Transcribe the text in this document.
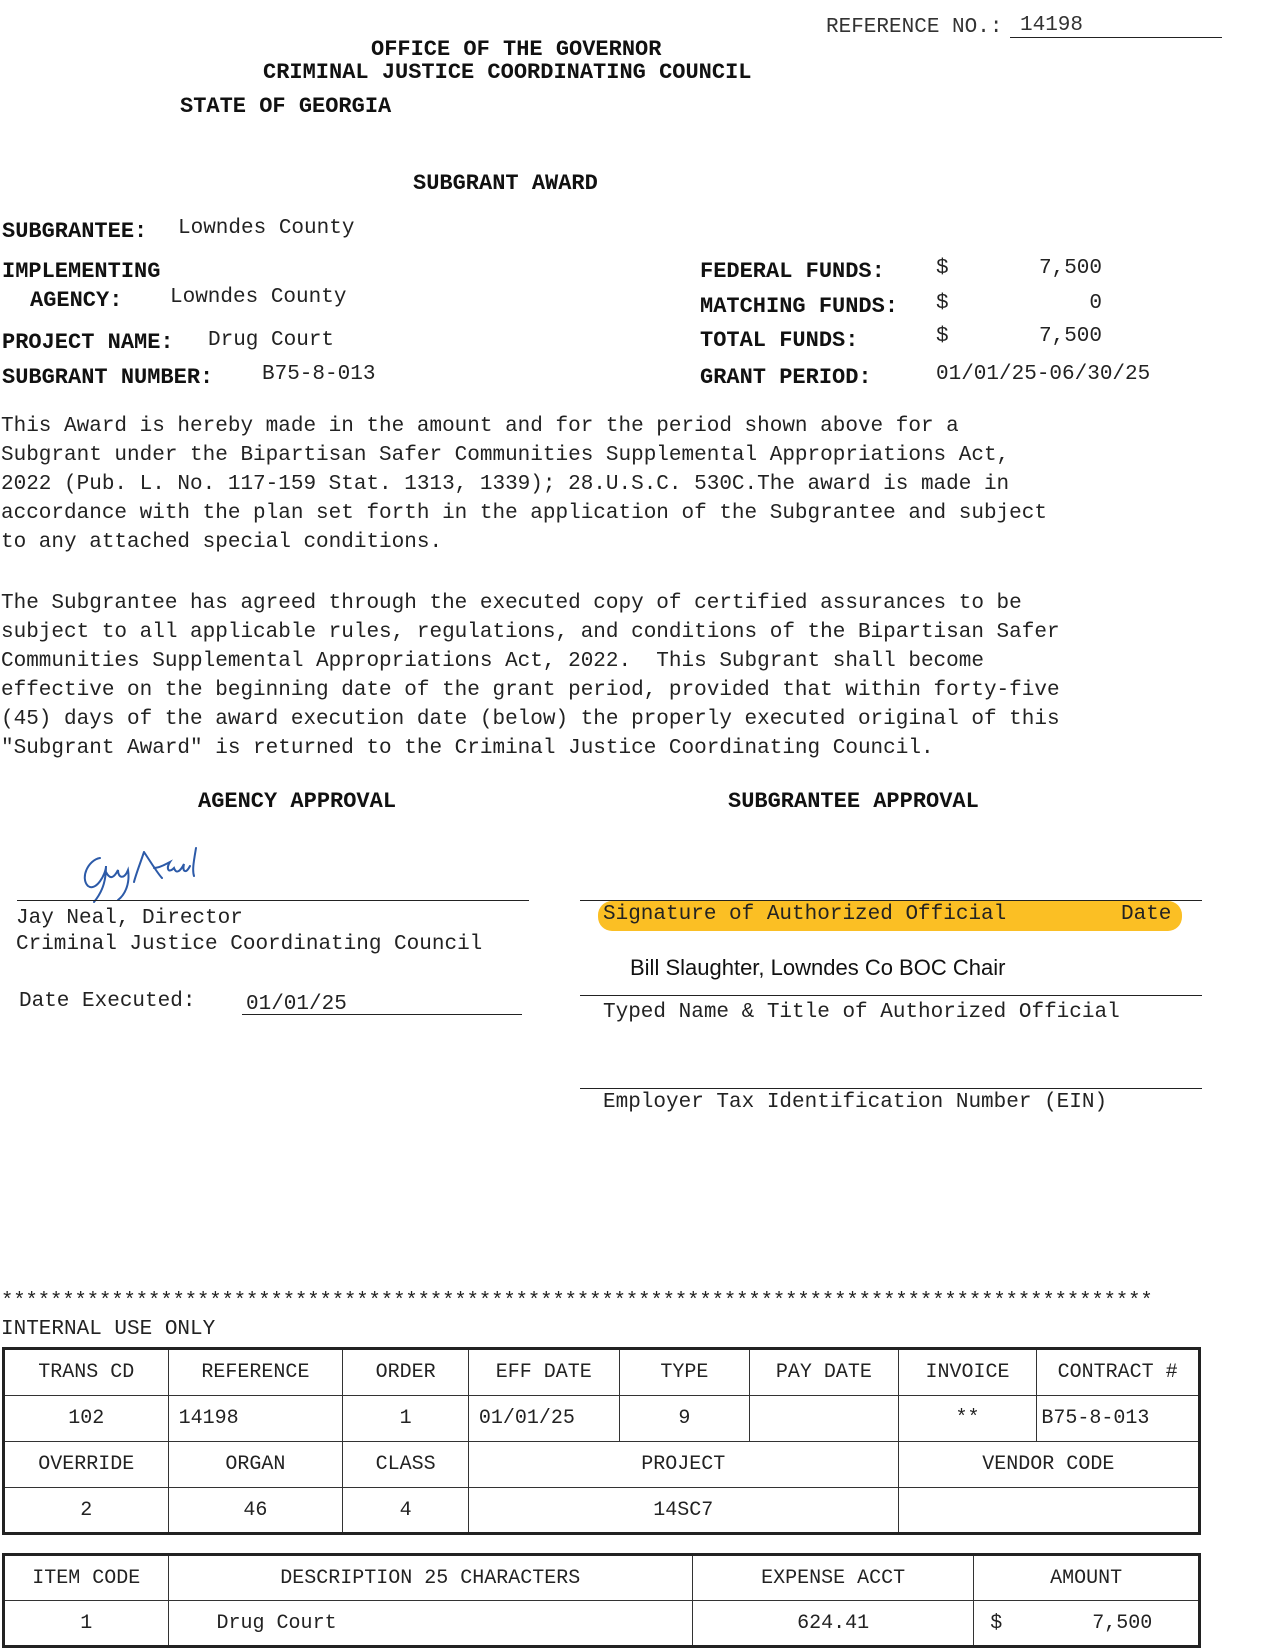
REFERENCE NO.: 14198
OFFICE OF THE GOVERNOR
CRIMINAL JUSTICE COORDINATING COUNCIL
STATE OF GEORGIA
SUBGRANT AWARD
SUBGRANTEE: Lowndes County
IMPLEMENTING
AGENCY: Lowndes County
PROJECT NAME: Drug Court
SUBGRANT NUMBER: B75-8-013
FEDERAL FUNDS: $	7,500
MATCHING FUNDS: $	0
TOTAL FUNDS:	$	7,500
GRANT PERIOD:	01/01/25-06/30/25
This Award is hereby made in the amount and for the period shown above for a
Subgrant under the Bipartisan Safer Communities Supplemental Appropriations Act,
2022 (Pub. L. No. 117-159 Stat. 1313, 1339); 28.U.S.C. 530C.The award is made in
accordance with the plan set forth in the application of the Subgrantee and subject
to any attached special conditions.
The Subgrantee has agreed through the executed copy of certified assurances to be
subject to all applicable rules, regulations, and conditions of the Bipartisan Safer
Communities Supplemental Appropriations Act, 2022.  This Subgrant shall become
effective on the beginning date of the grant period, provided that within forty-five
(45) days of the award execution date (below) the properly executed original of this
"Subgrant Award" is returned to the Criminal Justice Coordinating Council.
AGENCY APPROVAL	SUBGRANTEE APPROVAL
Jay Neal, Director
Criminal Justice Coordinating Council
Date Executed: 01/01/25
Signature of Authorized Official	Date
Bill Slaughter, Lowndes Co BOC Chair
Typed Name & Title of Authorized Official
Employer Tax Identification Number (EIN)
**********************************************************************************************
INTERNAL USE ONLY
TRANS CD	REFERENCE	ORDER	EFF DATE	TYPE	PAY DATE	INVOICE	CONTRACT #
102	14198	1	01/01/25	9		**	B75-8-013
OVERRIDE	ORGAN	CLASS	PROJECT			VENDOR CODE	
2	46	4	14SC7				
ITEM CODE	DESCRIPTION 25 CHARACTERS	EXPENSE ACCT	AMOUNT
1	Drug Court	624.41	$ 7,500
